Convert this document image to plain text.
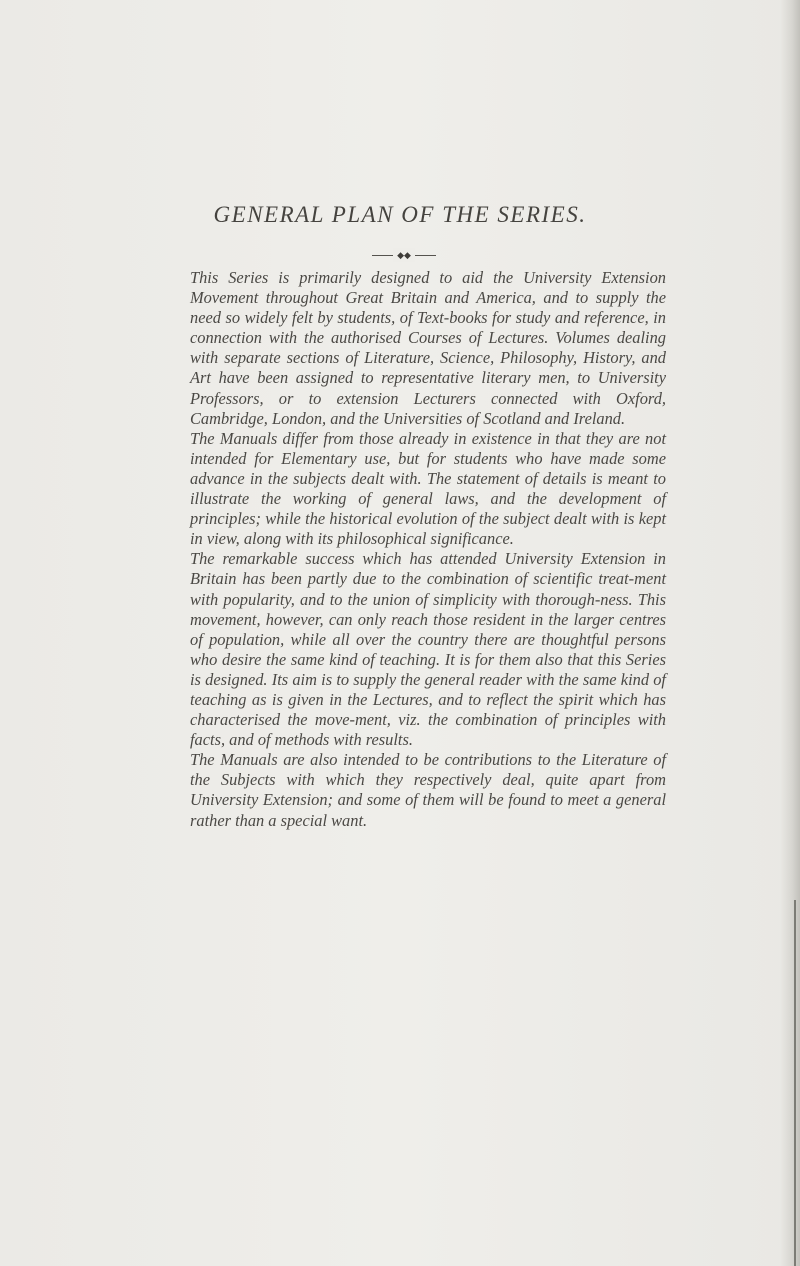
GENERAL PLAN OF THE SERIES.
◆◆

This Series is primarily designed to aid the University Extension Movement throughout Great Britain and America, and to supply the need so widely felt by students, of Text-books for study and reference, in connection with the authorised Courses of Lectures. Volumes dealing with separate sections of Literature, Science, Philosophy, History, and Art have been assigned to representative literary men, to University Professors, or to extension Lecturers connected with Oxford, Cambridge, London, and the Universities of Scotland and Ireland.

The Manuals differ from those already in existence in that they are not intended for Elementary use, but for students who have made some advance in the subjects dealt with. The statement of details is meant to illustrate the working of general laws, and the development of principles; while the historical evolution of the subject dealt with is kept in view, along with its philosophical significance.

The remarkable success which has attended University Extension in Britain has been partly due to the combination of scientific treat-ment with popularity, and to the union of simplicity with thorough-ness. This movement, however, can only reach those resident in the larger centres of population, while all over the country there are thoughtful persons who desire the same kind of teaching. It is for them also that this Series is designed. Its aim is to supply the general reader with the same kind of teaching as is given in the Lectures, and to reflect the spirit which has characterised the move-ment, viz. the combination of principles with facts, and of methods with results.

The Manuals are also intended to be contributions to the Literature of the Subjects with which they respectively deal, quite apart from University Extension; and some of them will be found to meet a general rather than a special want.
